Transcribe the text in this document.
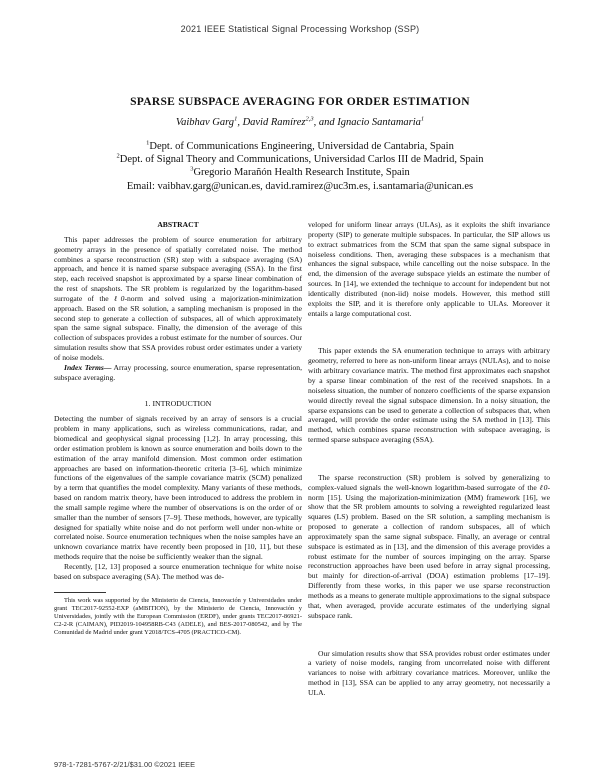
2021 IEEE Statistical Signal Processing Workshop (SSP)
SPARSE SUBSPACE AVERAGING FOR ORDER ESTIMATION
Vaibhav Garg$^1$, David Ramírez$^{2,3}$, and Ignacio Santamaria$^1$
$^1$Dept. of Communications Engineering, Universidad de Cantabria, Spain
$^2$Dept. of Signal Theory and Communications, Universidad Carlos III de Madrid, Spain
$^3$Gregorio Marañón Health Research Institute, Spain
Email: vaibhav.garg@unican.es, david.ramirez@uc3m.es, i.santamaria@unican.es
ABSTRACT

This paper addresses the problem of source enumeration for arbitrary geometry arrays in the presence of spatially correlated noise. The method combines a sparse reconstruction (SR) step with a subspace averaging (SA) approach, and hence it is named sparse subspace averaging (SSA). In the first step, each received snapshot is approximated by a sparse linear combination of the rest of snapshots. The SR problem is regularized by the logarithm-based surrogate of the ℓ0-norm and solved using a majorization-minimization approach. Based on the SR solution, a sampling mechanism is proposed in the second step to generate a collection of subspaces, all of which approximately span the same signal subspace. Finally, the dimension of the average of this collection of subspaces provides a robust estimate for the number of sources. Our simulation results show that SSA provides robust order estimates under a variety of noise models.

Index Terms— Array processing, source enumeration, sparse representation, subspace averaging.

1. INTRODUCTION

Detecting the number of signals received by an array of sensors is a crucial problem in many applications, such as wireless communications, radar, and biomedical and geophysical signal processing [1,2]. In array processing, this order estimation problem is known as source enumeration and boils down to the estimation of the array manifold dimension. Most common order estimation approaches are based on information-theoretic criteria [3–6], which minimize functions of the eigenvalues of the sample covariance matrix (SCM) penalized by a term that quantifies the model complexity. Many variants of these methods, based on random matrix theory, have been introduced to address the problem in the small sample regime where the number of observations is on the order of or smaller than the number of sensors [7–9]. These methods, however, are typically designed for spatially white noise and do not perform well under non-white or correlated noise. Source enumeration techniques when the noise samples have an unknown covariance matrix have recently been proposed in [10, 11], but these methods require that the noise be sufficiently weaker than the signal.

Recently, [12, 13] proposed a source enumeration technique for white noise based on subspace averaging (SA). The method was de-

This work was supported by the Ministerio de Ciencia, Innovación y Universidades under grant TEC2017-92552-EXP (aMBITION), by the Ministerio de Ciencia, Innovación y Universidades, jointly with the European Commission (ERDF), under grants TEC2017-86921-C2-2-R (CAIMAN), PID2019-104958RB-C43 (ADELE), and BES-2017-080542, and by The Comunidad de Madrid under grant Y2018/TCS-4705 (PRACTICO-CM).

veloped for uniform linear arrays (ULAs), as it exploits the shift invariance property (SIP) to generate multiple subspaces. In particular, the SIP allows us to extract submatrices from the SCM that span the same signal subspace in noiseless conditions. Then, averaging these subspaces is a mechanism that enhances the signal subspace, while cancelling out the noise subspace. In the end, the dimension of the average subspace yields an estimate the number of sources. In [14], we extended the technique to account for independent but not identically distributed (non-iid) noise models. However, this method still exploits the SIP, and it is therefore only applicable to ULAs. Moreover it entails a large computational cost.

This paper extends the SA enumeration technique to arrays with arbitrary geometry, referred to here as non-uniform linear arrays (NULAs), and to noise with arbitrary covariance matrix. The method first approximates each snapshot by a sparse linear combination of the rest of the received snapshots. In a noiseless situation, the number of nonzero coefficients of the sparse expansion would directly reveal the signal subspace dimension. In a noisy situation, the sparse expansions can be used to generate a collection of subspaces that, when averaged, will provide the order estimate using the SA method in [13]. This method, which combines sparse reconstruction with subspace averaging, is termed sparse subspace averaging (SSA).

The sparse reconstruction (SR) problem is solved by generalizing to complex-valued signals the well-known logarithm-based surrogate of the ℓ0-norm [15]. Using the majorization-minimization (MM) framework [16], we show that the SR problem amounts to solving a reweighted regularized least squares (LS) problem. Based on the SR solution, a sampling mechanism is proposed to generate a collection of random subspaces, all of which approximately span the same signal subspace. Finally, an average or central subspace is estimated as in [13], and the dimension of this average provides a robust estimate for the number of sources impinging on the array. Sparse reconstruction approaches have been used before in array signal processing, but mainly for direction-of-arrival (DOA) estimation problems [17–19]. Differently from these works, in this paper we use sparse reconstruction methods as a means to generate multiple approximations to the signal subspace that, when averaged, provide accurate estimates of the underlying signal subspace rank.

Our simulation results show that SSA provides robust order estimates under a variety of noise models, ranging from uncorrelated noise with different variances to noise with arbitrary covariance matrices. Moreover, unlike the method in [13], SSA can be applied to any array geometry, not necessarily a ULA.

978-1-7281-5767-2/21/$31.00 ©2021 IEEE
